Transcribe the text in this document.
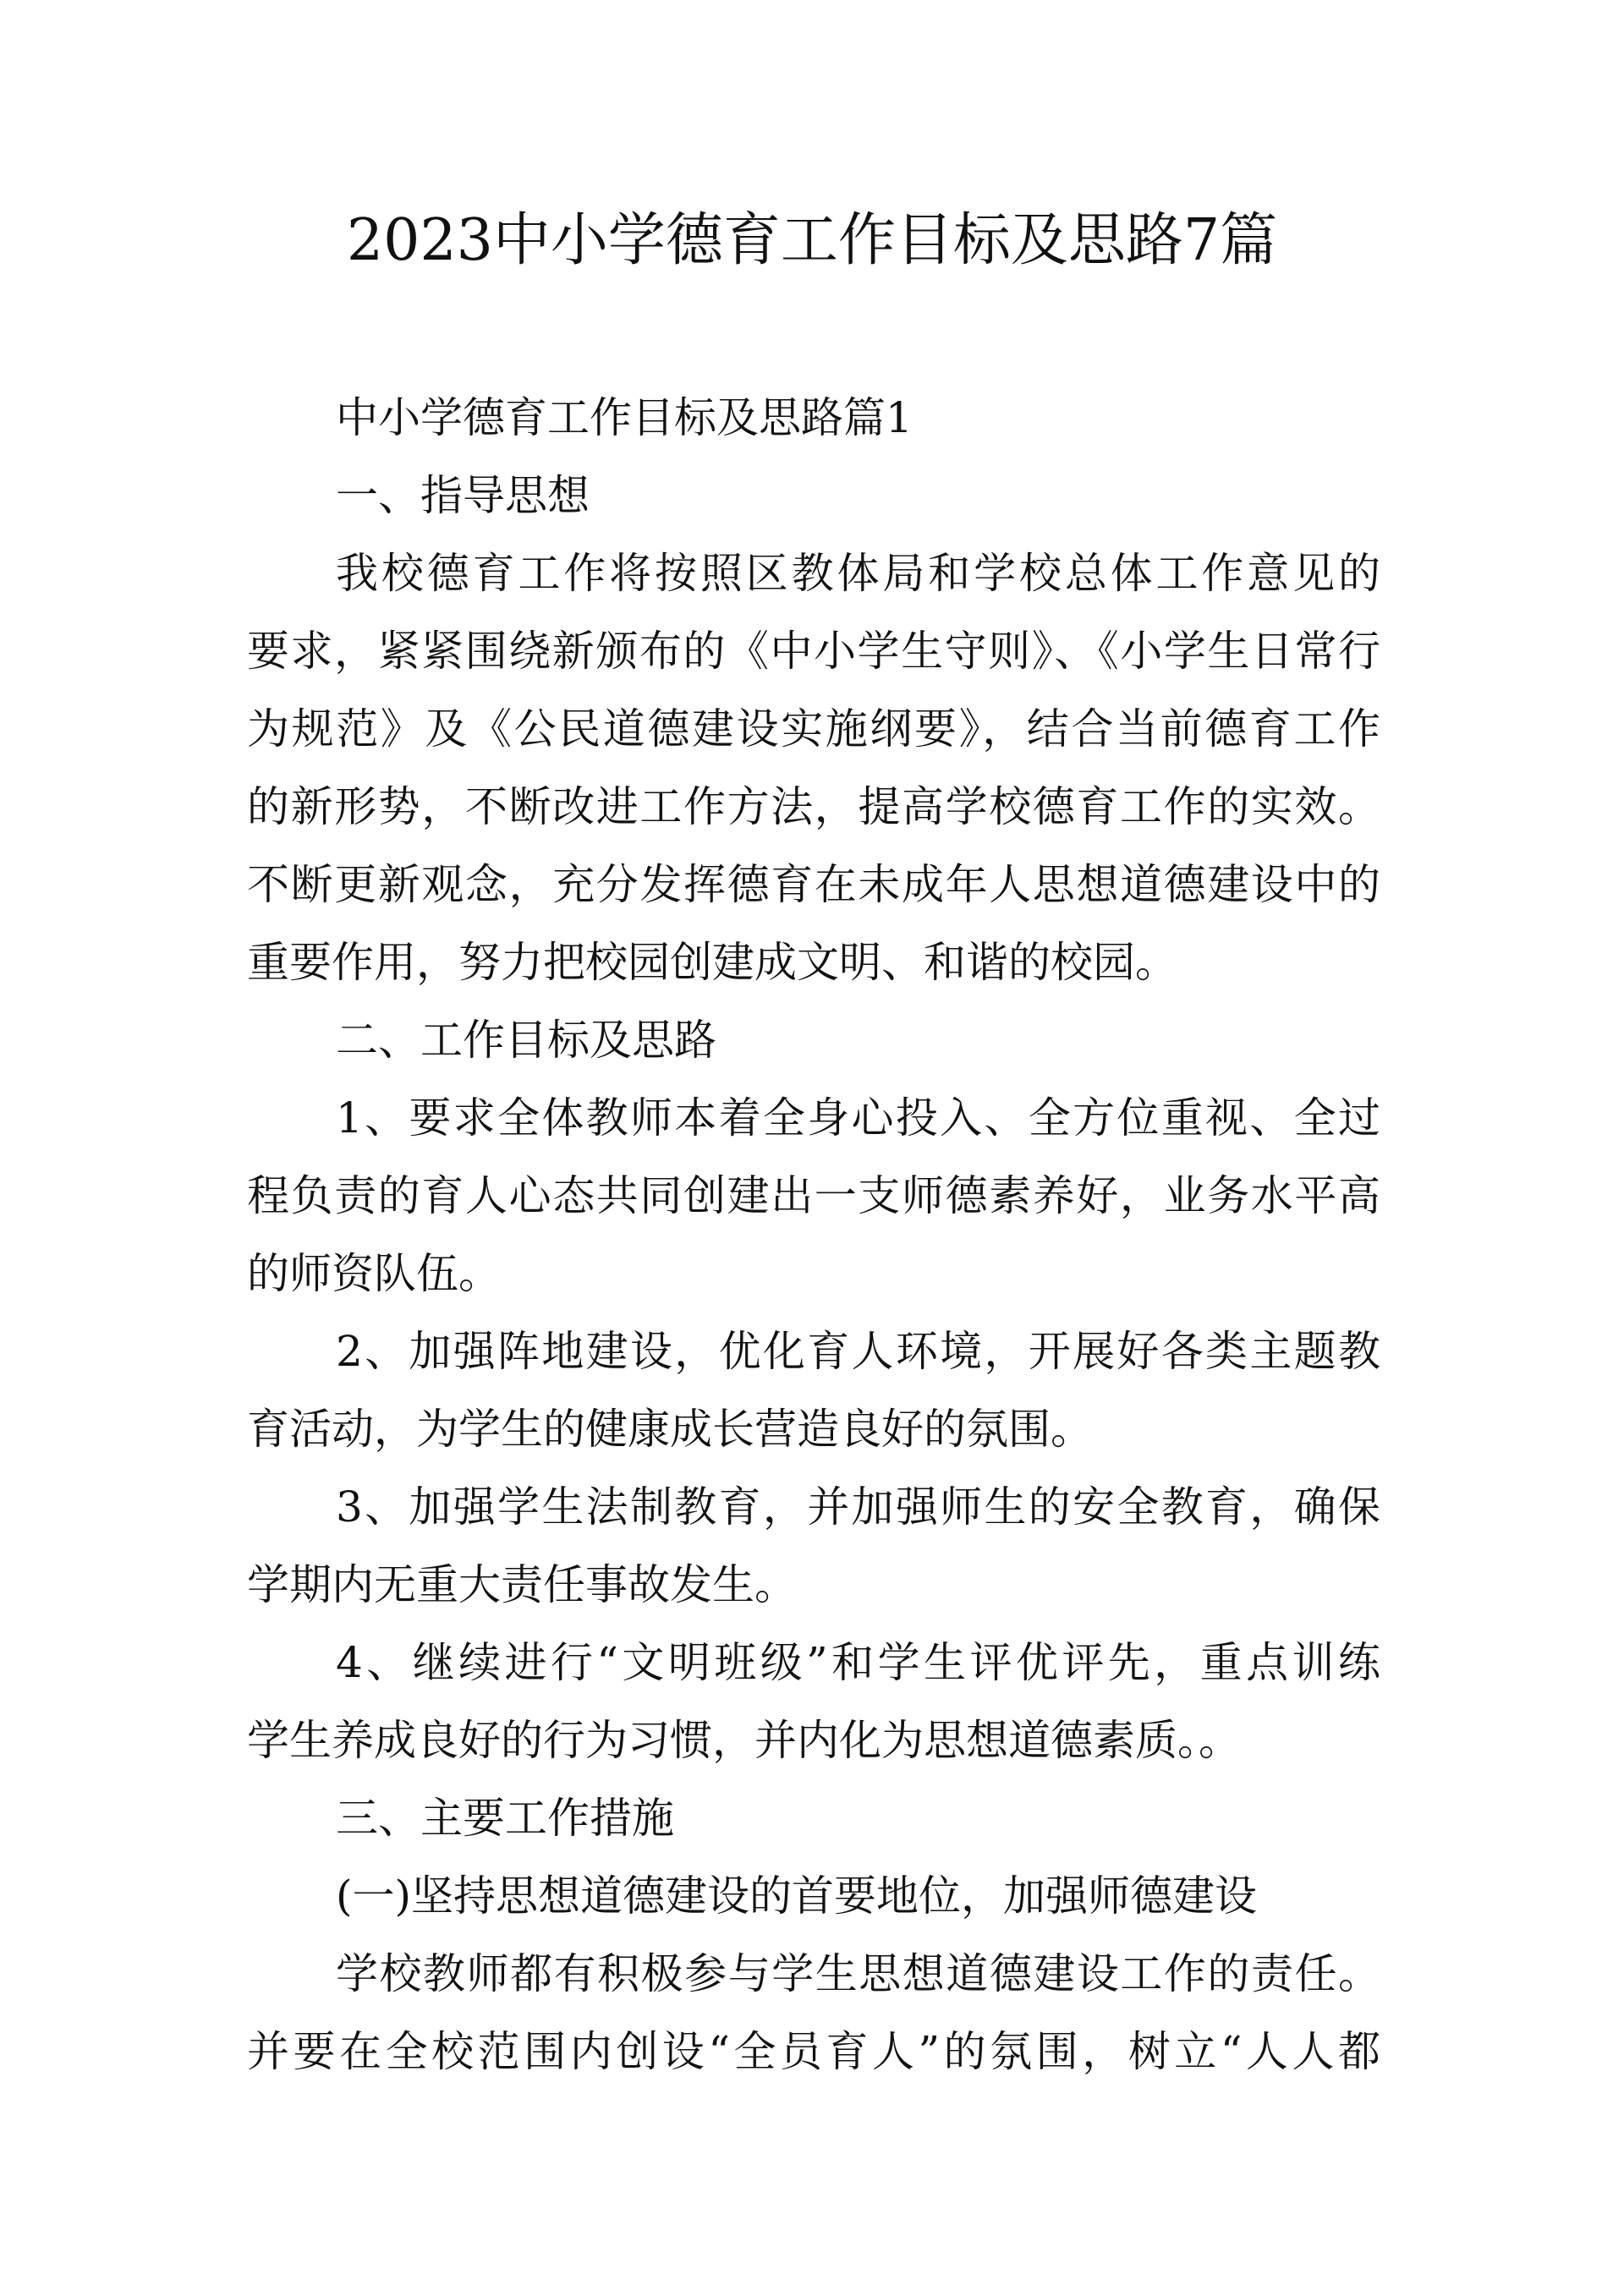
2023中小学德育工作目标及思路7篇
中小学德育工作目标及思路篇1
一、指导思想
我校德育工作将按照区教体局和学校总体工作意见的
要求，紧紧围绕新颁布的《中小学生守则》、《小学生日常行
为规范》及《公民道德建设实施纲要》，结合当前德育工作
的新形势，不断改进工作方法，提高学校德育工作的实效。
不断更新观念，充分发挥德育在未成年人思想道德建设中的
重要作用，努力把校园创建成文明、和谐的校园。
二、工作目标及思路
1、要求全体教师本着全身心投入、全方位重视、全过
程负责的育人心态共同创建出一支师德素养好，业务水平高
的师资队伍。
2、加强阵地建设，优化育人环境，开展好各类主题教
育活动，为学生的健康成长营造良好的氛围。
3、加强学生法制教育，并加强师生的安全教育，确保
学期内无重大责任事故发生。
4、继续进行“文明班级”和学生评优评先，重点训练
学生养成良好的行为习惯，并内化为思想道德素质。。
三、主要工作措施
(一)坚持思想道德建设的首要地位，加强师德建设
学校教师都有积极参与学生思想道德建设工作的责任。
并要在全校范围内创设“全员育人”的氛围，树立“人人都
